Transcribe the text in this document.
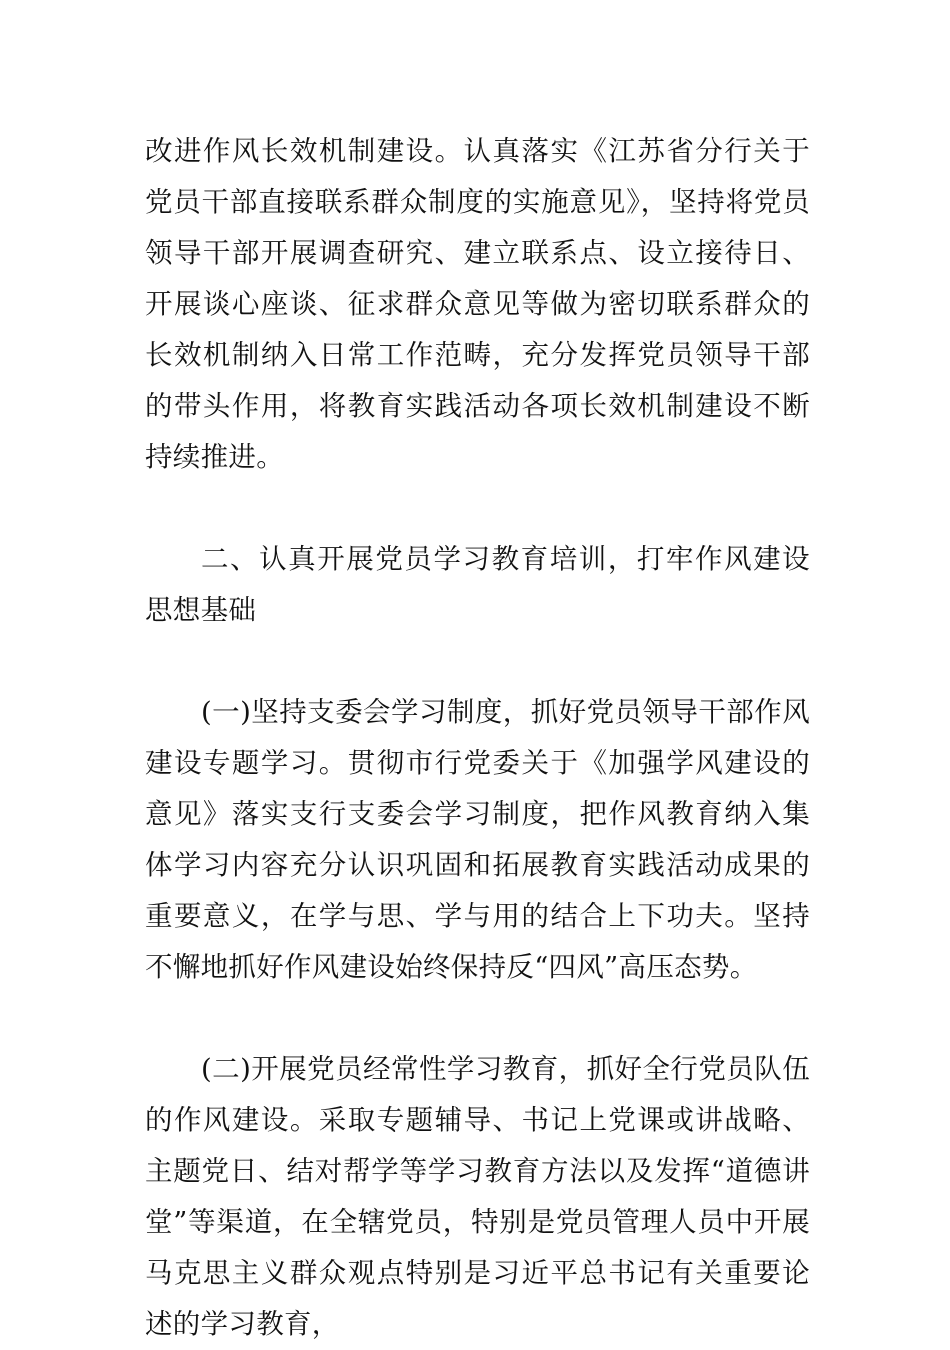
改进作风长效机制建设。认真落实《江苏省分行关于党员干部直接联系群众制度的实施意见》，坚持将党员领导干部开展调查研究、建立联系点、设立接待日、开展谈心座谈、征求群众意见等做为密切联系群众的长效机制纳入日常工作范畴，充分发挥党员领导干部的带头作用，将教育实践活动各项长效机制建设不断持续推进。

二、认真开展党员学习教育培训，打牢作风建设思想基础

(一)坚持支委会学习制度，抓好党员领导干部作风建设专题学习。贯彻市行党委关于《加强学风建设的意见》落实支行支委会学习制度，把作风教育纳入集体学习内容充分认识巩固和拓展教育实践活动成果的重要意义，在学与思、学与用的结合上下功夫。坚持不懈地抓好作风建设始终保持反“四风”高压态势。

(二)开展党员经常性学习教育，抓好全行党员队伍的作风建设。采取专题辅导、书记上党课或讲战略、主题党日、结对帮学等学习教育方法以及发挥“道德讲堂”等渠道，在全辖党员，特别是党员管理人员中开展马克思主义群众观点特别是习近平总书记有关重要论述的学习教育，
